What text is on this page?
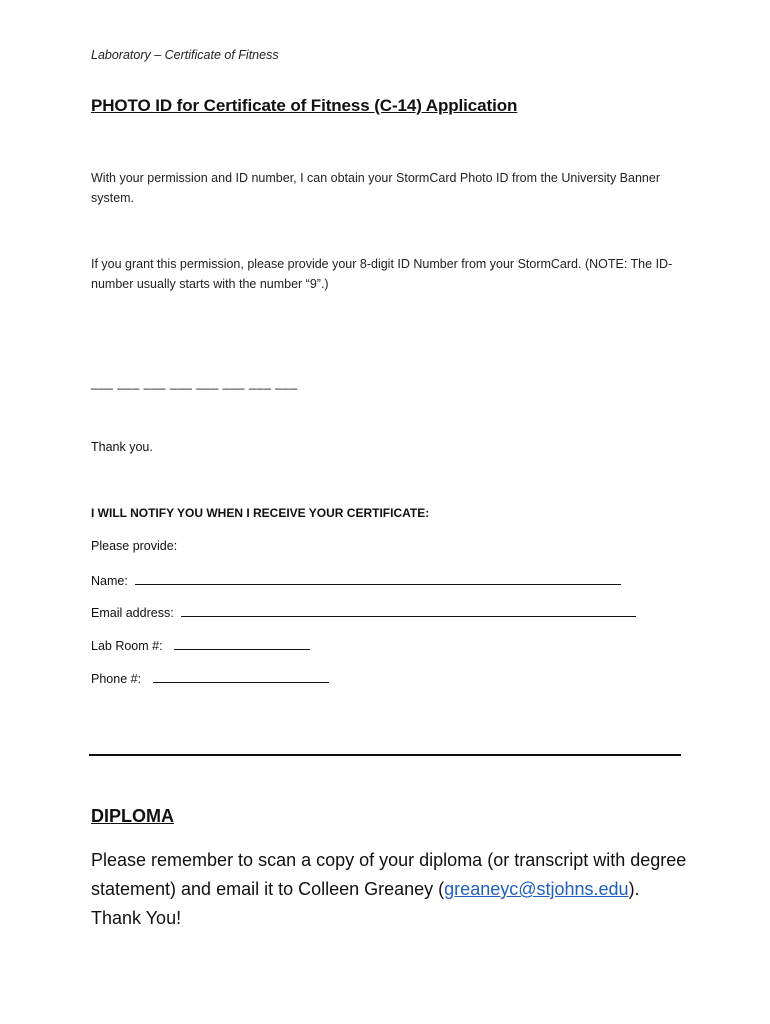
Laboratory – Certificate of Fitness
PHOTO ID for Certificate of Fitness (C-14) Application
With your permission and ID number, I can obtain your StormCard Photo ID from the University Banner system.
If you grant this permission, please provide your 8-digit ID Number from your StormCard. (NOTE: The ID-number usually starts with the number “9”.)
___ ___ ___ ___ ___ ___ ___ ___
Thank you.
I WILL NOTIFY YOU WHEN I RECEIVE YOUR CERTIFICATE:
Please provide:
Name:
Email address:
Lab Room #:
Phone #:
DIPLOMA
Please remember to scan a copy of your diploma (or transcript with degree statement) and email it to Colleen Greaney (greaneyc@stjohns.edu). Thank You!
